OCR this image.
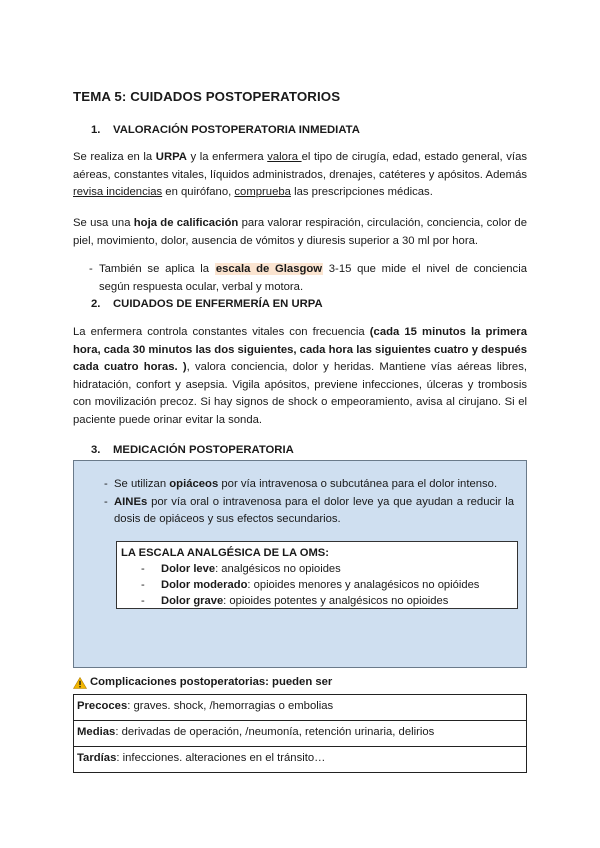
TEMA 5: CUIDADOS POSTOPERATORIOS
1.	VALORACIÓN POSTOPERATORIA INMEDIATA

Se realiza en la URPA y la enfermera valora el tipo de cirugía, edad, estado general, vías aéreas, constantes vitales, líquidos administrados, drenajes, catéteres y apósitos. Además revisa incidencias en quirófano, comprueba las prescripciones médicas.

Se usa una hoja de calificación para valorar respiración, circulación, conciencia, color de piel, movimiento, dolor, ausencia de vómitos y diuresis superior a 30 ml por hora.

- También se aplica la escala de Glasgow 3-15 que mide el nivel de conciencia según respuesta ocular, verbal y motora.
2.	CUIDADOS DE ENFERMERÍA EN URPA

La enfermera controla constantes vitales con frecuencia (cada 15 minutos la primera hora, cada 30 minutos las dos siguientes, cada hora las siguientes cuatro y después cada cuatro horas. ), valora conciencia, dolor y heridas. Mantiene vías aéreas libres, hidratación, confort y asepsia. Vigila apósitos, previene infecciones, úlceras y trombosis con movilización precoz. Si hay signos de shock o empeoramiento, avisa al cirujano. Si el paciente puede orinar evitar la sonda.

3.	MEDICACIÓN POSTOPERATORIA
- Se utilizan opiáceos por vía intravenosa o subcutánea para el dolor intenso.
- AINEs por vía oral o intravenosa para el dolor leve ya que ayudan a reducir la dosis de opiáceos y sus efectos secundarios.
LA ESCALA ANALGÉSICA DE LA OMS:
-	Dolor leve: analgésicos no opioides
-	Dolor moderado: opioides menores y analagésicos no opióides
-	Dolor grave: opioides potentes y analgésicos no opioides
Complicaciones postoperatorias: pueden ser
Precoces: graves. shock, /hemorragias o embolias
Medias: derivadas de operación, /neumonía, retención urinaria, delirios
Tardías: infecciones. alteraciones en el tránsito…
